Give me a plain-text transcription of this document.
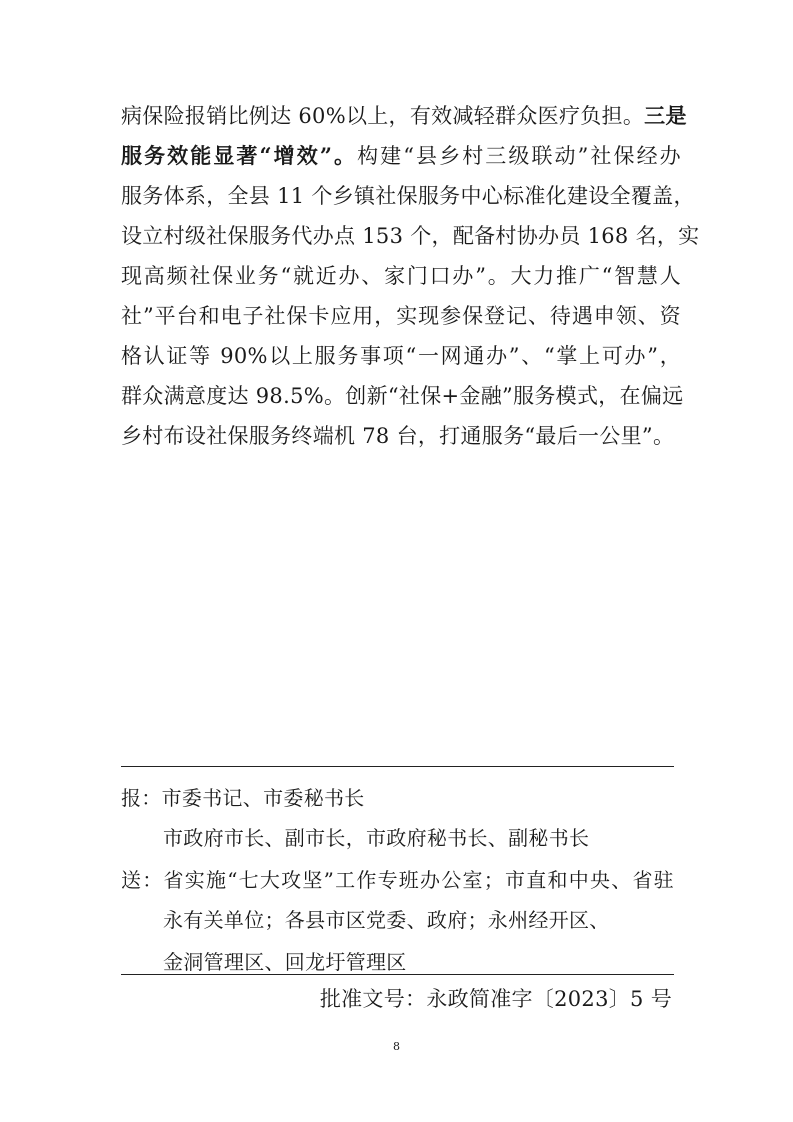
病保险报销比例达 60%以上，有效减轻群众医疗负担。三是
服务效能显著“增效”。构建“县乡村三级联动”社保经办
服务体系，全县 11 个乡镇社保服务中心标准化建设全覆盖，
设立村级社保服务代办点 153 个，配备村协办员 168 名，实
现高频社保业务“就近办、家门口办”。大力推广“智慧人
社”平台和电子社保卡应用，实现参保登记、待遇申领、资
格认证等 90%以上服务事项“一网通办”、“掌上可办”，
群众满意度达 98.5%。创新“社保+金融”服务模式，在偏远
乡村布设社保服务终端机 78 台，打通服务“最后一公里”。
报：市委书记、市委秘书长
市政府市长、副市长，市政府秘书长、副秘书长
送：省实施“七大攻坚”工作专班办公室；市直和中央、省驻
永有关单位；各县市区党委、政府；永州经开区、
金洞管理区、回龙圩管理区
批准文号：永政简准字〔2023〕5 号
8
